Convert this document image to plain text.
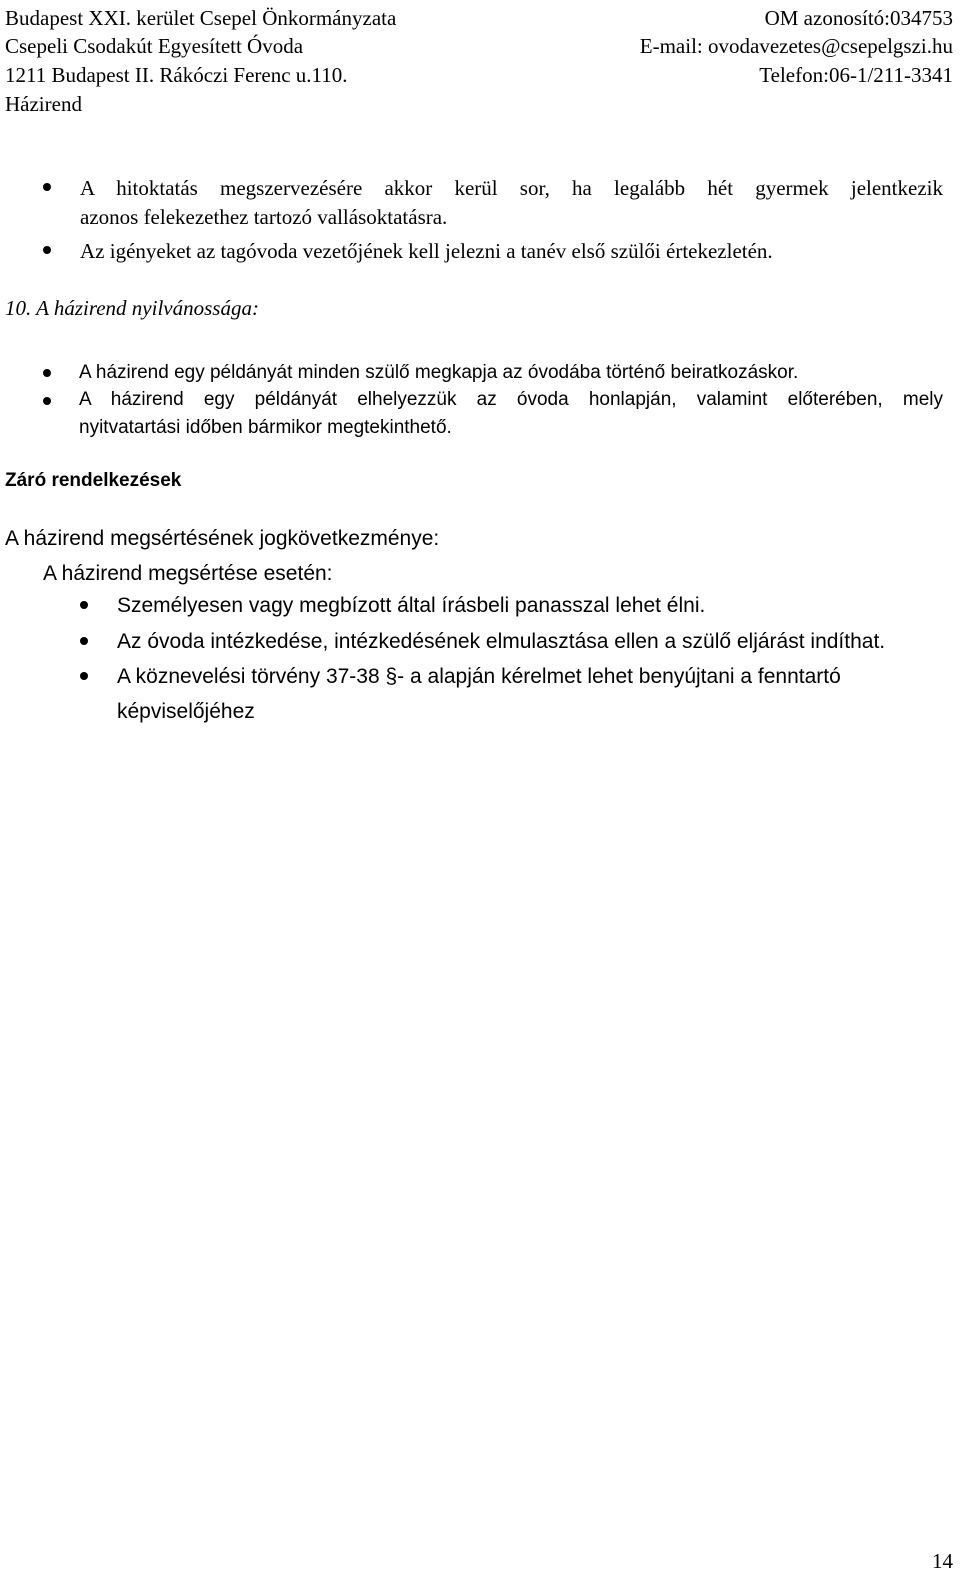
Budapest XXI. kerület Csepel Önkormányzata	OM azonosító:034753
Csepeli Csodakút Egyesített Óvoda	E-mail: ovodavezetes@csepelgszi.hu
1211 Budapest II. Rákóczi Ferenc u.110.	Telefon:06-1/211-3341
Házirend
A hitoktatás megszervezésére akkor kerül sor, ha legalább hét gyermek jelentkezik
azonos felekezethez tartozó vallásoktatásra.
Az igényeket az tagóvoda vezetőjének kell jelezni a tanév első szülői értekezletén.
10. A házirend nyilvánossága:
A házirend egy példányát minden szülő megkapja az óvodába történő beiratkozáskor.
A házirend egy példányát elhelyezzük az óvoda honlapján, valamint előterében, mely
nyitvatartási időben bármikor megtekinthető.
Záró rendelkezések
A házirend megsértésének jogkövetkezménye:
A házirend megsértése esetén:
Személyesen vagy megbízott által írásbeli panasszal lehet élni.
Az óvoda intézkedése, intézkedésének elmulasztása ellen a szülő eljárást indíthat.
A köznevelési törvény 37-38 §- a alapján kérelmet lehet benyújtani a fenntartó
képviselőjéhez
14
